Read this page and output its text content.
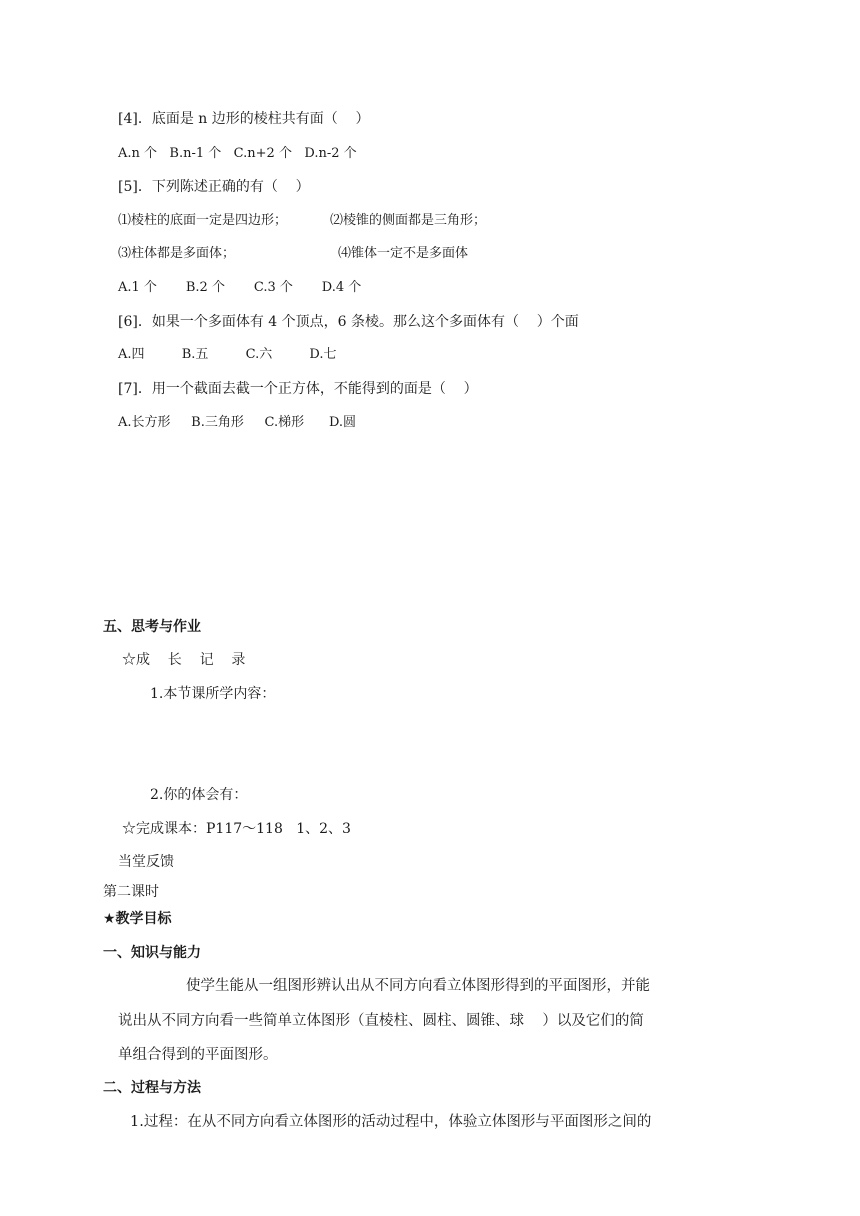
[4]．底面是 n 边形的棱柱共有面（    ）
A.n 个   B.n-1 个   C.n+2 个   D.n-2 个
[5]．下列陈述正确的有（    ）
⑴棱柱的底面一定是四边形；	⑵棱锥的侧面都是三角形；
⑶柱体都是多面体；	⑷锥体一定不是多面体
A.1 个       B.2 个       C.3 个       D.4 个
[6]．如果一个多面体有 4 个顶点，6 条棱。那么这个多面体有（    ）个面
A.四         B.五         C.六         D.七
[7]．用一个截面去截一个正方体，不能得到的面是（    ）
A.长方形     B.三角形     C.梯形      D.圆
五、思考与作业
☆成    长    记    录
1.本节课所学内容：
2.你的体会有：
☆完成课本：P117～118   1、2、3
当堂反馈
第二课时
★教学目标
一、知识与能力
使学生能从一组图形辨认出从不同方向看立体图形得到的平面图形，并能
说出从不同方向看一些简单立体图形（直棱柱、圆柱、圆锥、球    ）以及它们的简
单组合得到的平面图形。
二、过程与方法
1.过程：在从不同方向看立体图形的活动过程中，体验立体图形与平面图形之间的
